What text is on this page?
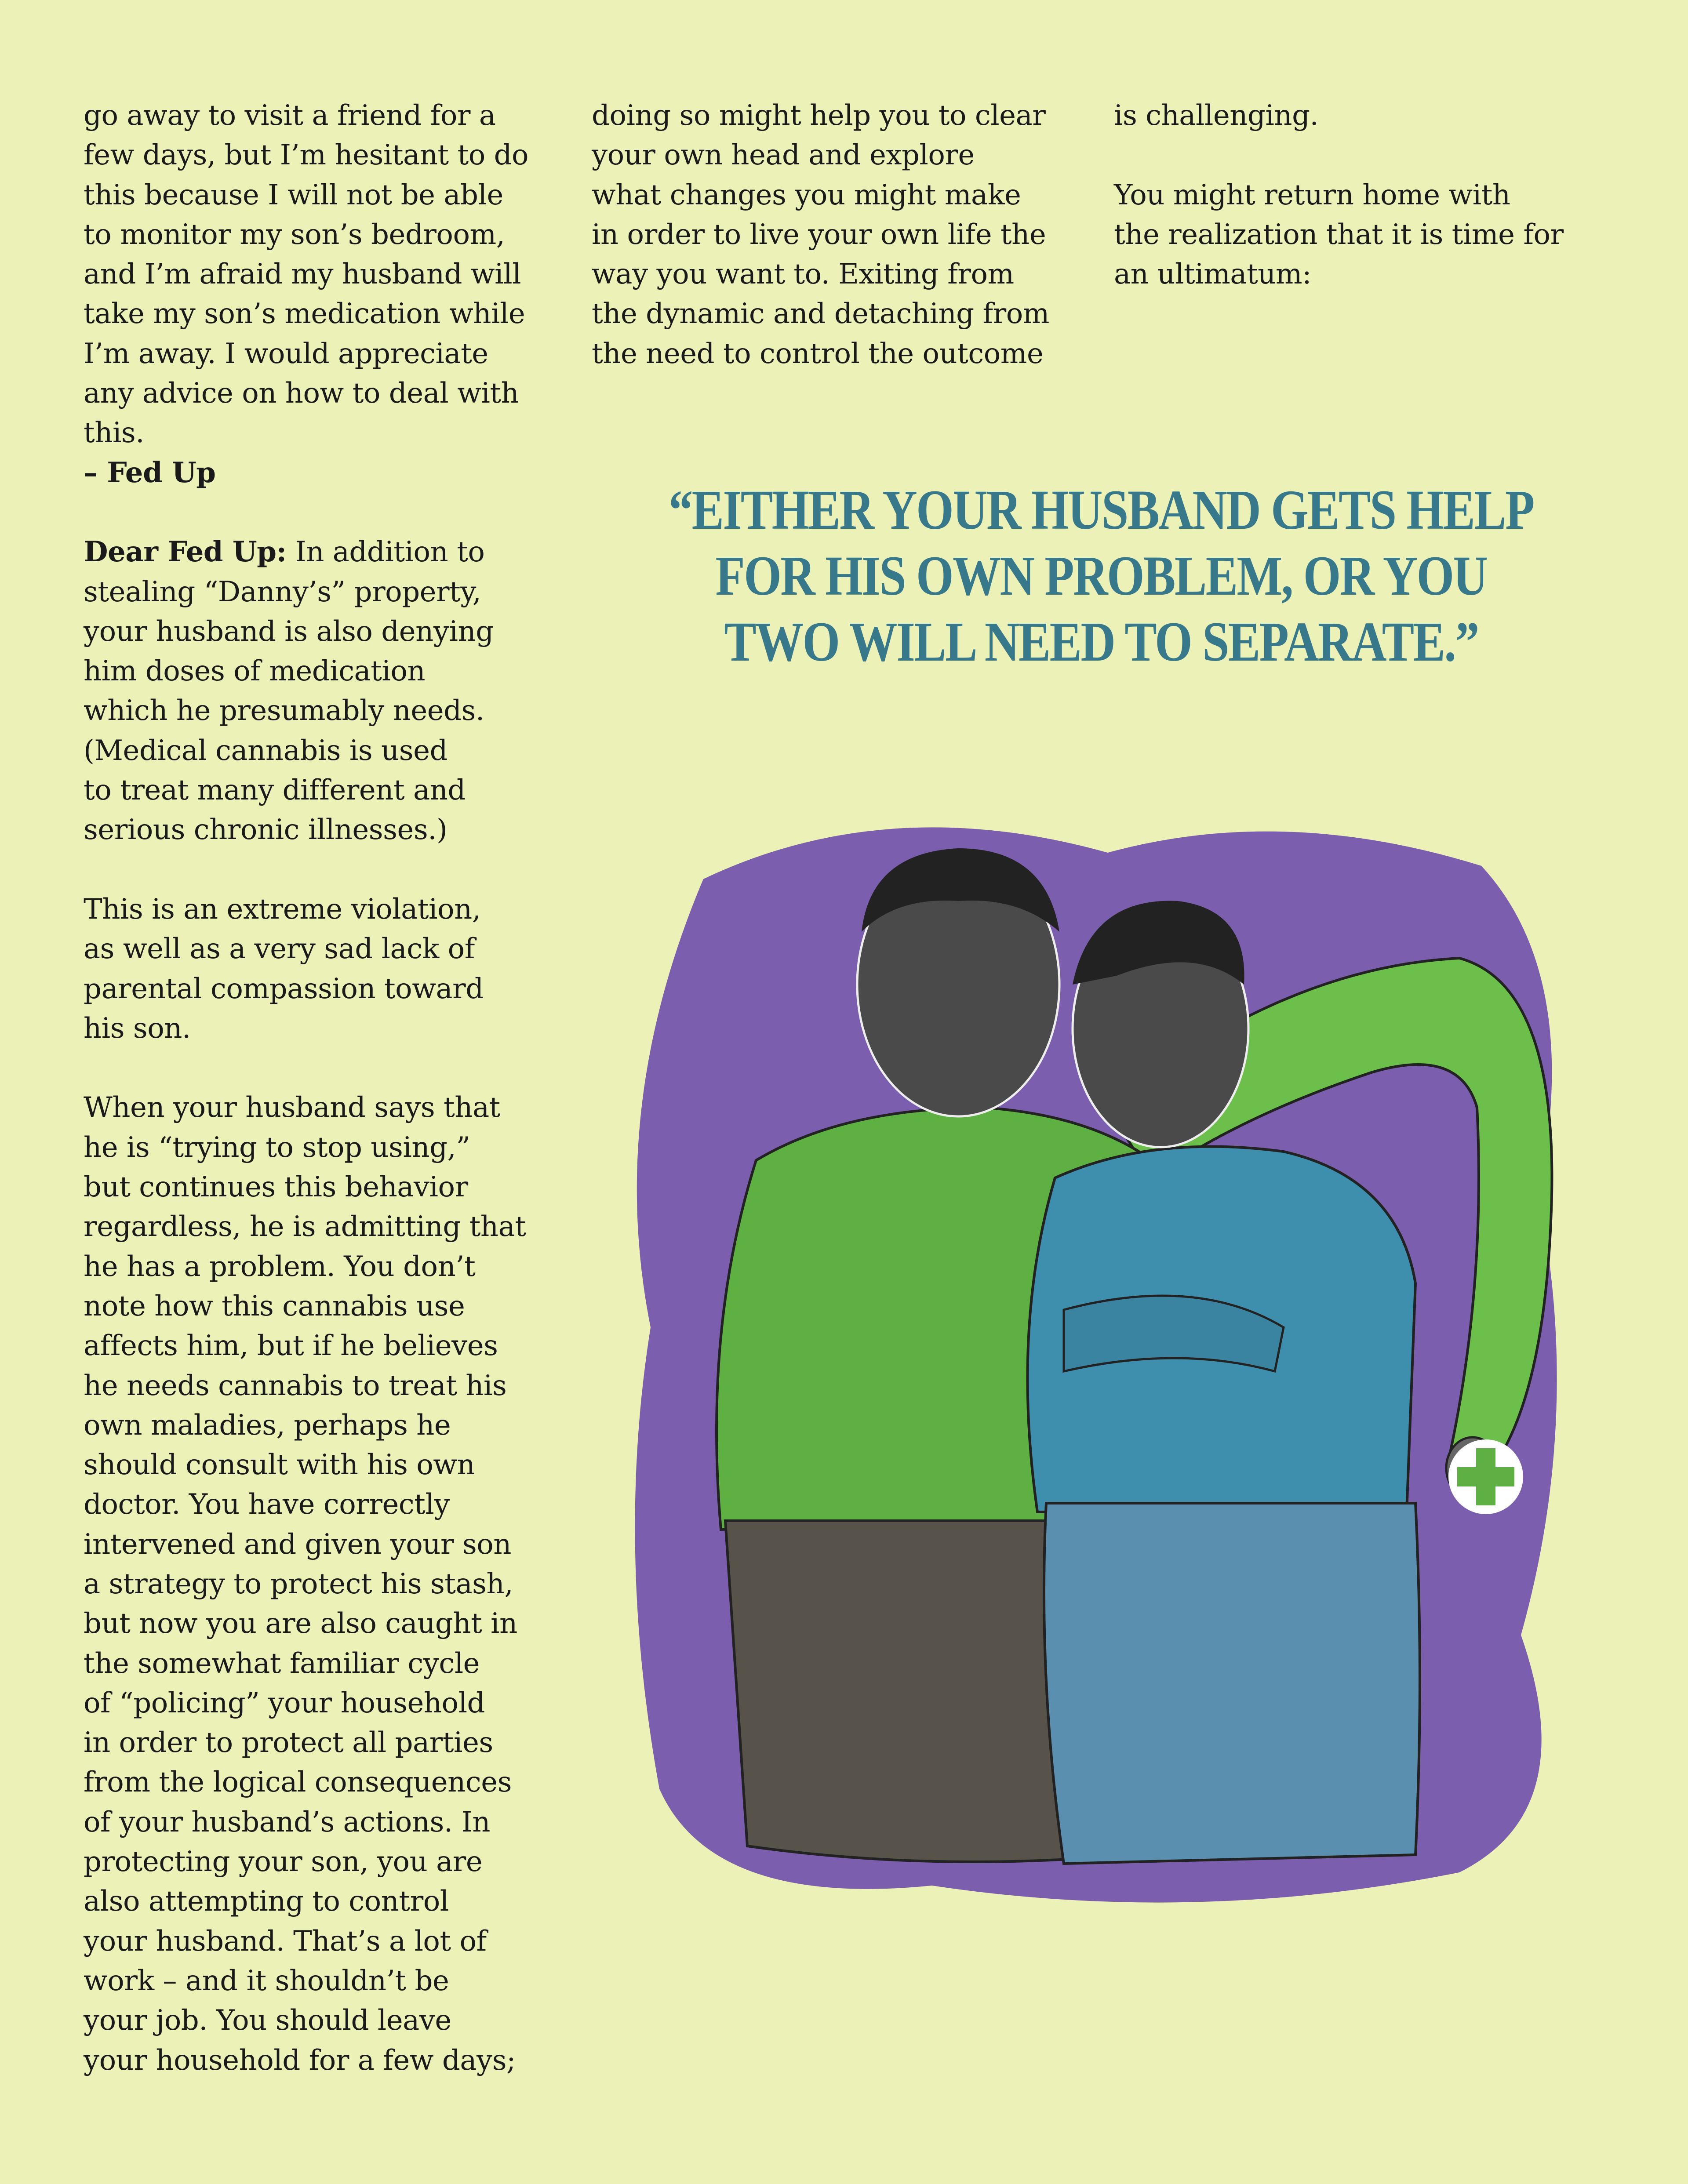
go away to visit a friend for a
few days, but I’m hesitant to do
this because I will not be able
to monitor my son’s bedroom,
and I’m afraid my husband will
take my son’s medication while
I’m away. I would appreciate
any advice on how to deal with
this.
– Fed Up
Dear Fed Up: In addition to
stealing “Danny’s” property,
your husband is also denying
him doses of medication
which he presumably needs.
(Medical cannabis is used
to treat many different and
serious chronic illnesses.)
This is an extreme violation,
as well as a very sad lack of
parental compassion toward
his son.
When your husband says that
he is “trying to stop using,”
but continues this behavior
regardless, he is admitting that
he has a problem. You don’t
note how this cannabis use
affects him, but if he believes
he needs cannabis to treat his
own maladies, perhaps he
should consult with his own
doctor. You have correctly
intervened and given your son
a strategy to protect his stash,
but now you are also caught in
the somewhat familiar cycle
of “policing” your household
in order to protect all parties
from the logical consequences
of your husband’s actions. In
protecting your son, you are
also attempting to control
your husband. That’s a lot of
work – and it shouldn’t be
your job. You should leave
your household for a few days;
doing so might help you to clear
your own head and explore
what changes you might make
in order to live your own life the
way you want to. Exiting from
the dynamic and detaching from
the need to control the outcome
is challenging.
You might return home with
the realization that it is time for
an ultimatum:
“EITHER YOUR HUSBAND GETS HELP
FOR HIS OWN PROBLEM, OR YOU
TWO WILL NEED TO SEPARATE.”
